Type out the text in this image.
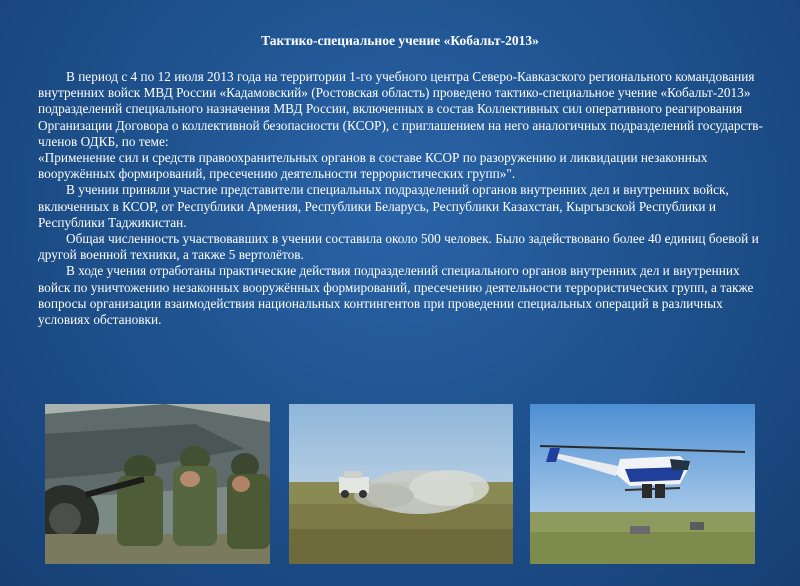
Тактико-специальное учение «Кобальт-2013»

В период с 4 по 12 июля 2013 года на территории 1-го учебного центра Северо-Кавказского регионального командования внутренних войск МВД России «Кадамовский» (Ростовская область) проведено тактико-специальное учение «Кобальт-2013» подразделений специального назначения МВД России, включенных в состав Коллективных сил оперативного реагирования Организации Договора о коллективной безопасности (КСОР), с приглашением на него аналогичных подразделений государств-членов ОДКБ, по теме:

«Применение сил и средств правоохранительных органов в составе КСОР по разоружению и ликвидации незаконных вооружённых формирований, пресечению деятельности террористических групп»".

В учении приняли участие представители специальных подразделений органов внутренних дел и внутренних войск, включенных в КСОР, от Республики Армения, Республики Беларусь, Республики Казахстан, Кыргызской Республики и Республики Таджикистан.

Общая численность участвовавших в учении составила около 500 человек. Было задействовано более 40 единиц боевой и другой военной техники, а также 5 вертолётов.

В ходе учения отработаны практические действия подразделений специального органов внутренних дел и внутренних войск по уничтожению незаконных вооружённых формирований, пресечению деятельности террористических групп, а также вопросы организации взаимодействия национальных контингентов при проведении специальных операций в различных условиях обстановки.
